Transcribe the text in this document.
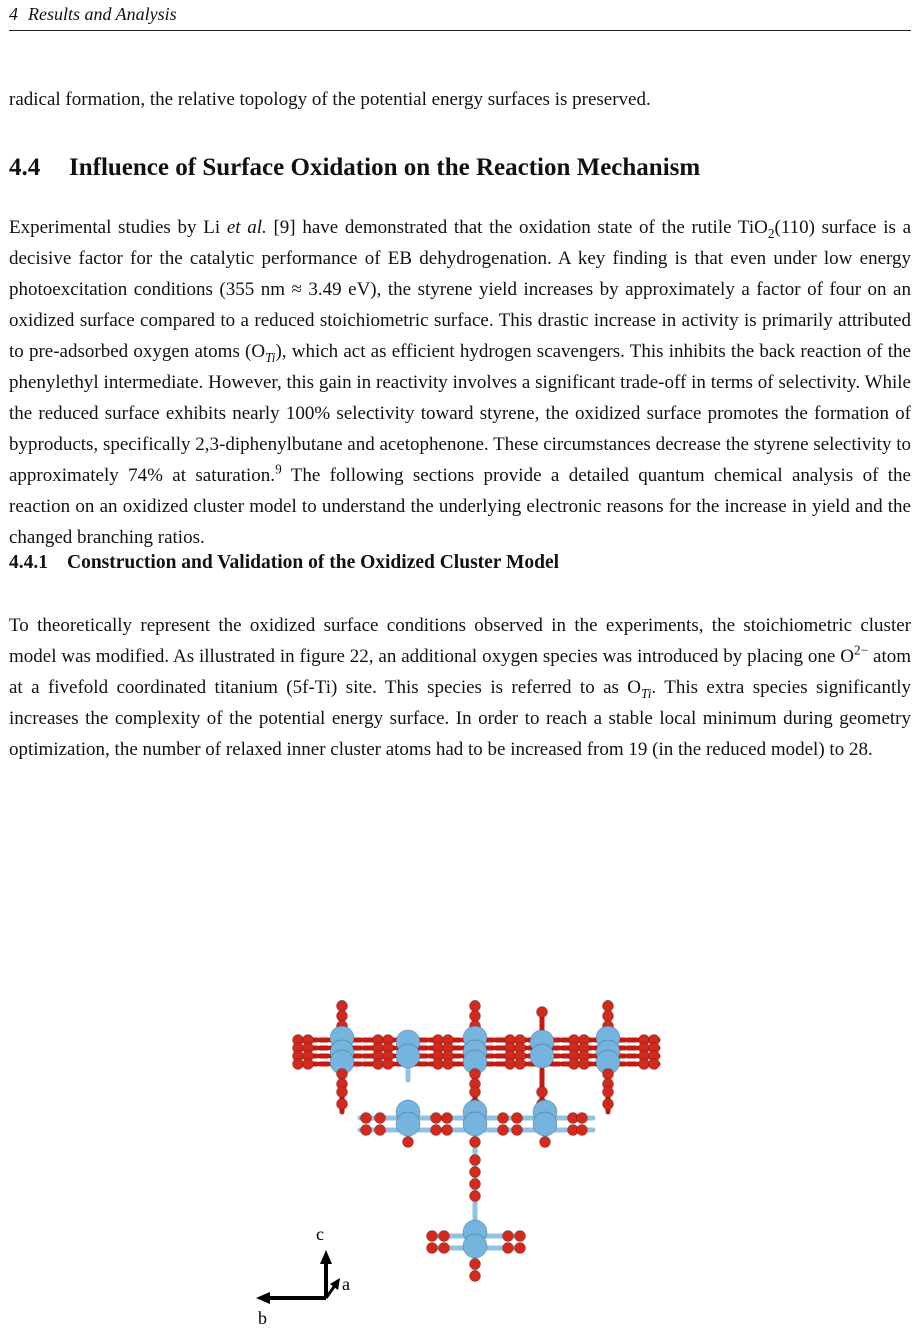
4 Results and Analysis

radical formation, the relative topology of the potential energy surfaces is preserved.

4.4 Influence of Surface Oxidation on the Reaction Mechanism

Experimental studies by Li et al. [9] have demonstrated that the oxidation state of the rutile TiO$_2$(110) surface is a decisive factor for the catalytic performance of EB dehydrogenation. A key finding is that even under low energy photoexcitation conditions (355 nm ≈ 3.49 eV), the styrene yield increases by approximately a factor of four on an oxidized surface compared to a reduced stoichiometric surface. This drastic increase in activity is primarily attributed to pre-adsorbed oxygen atoms $(O_{Ti})$, which act as efficient hydrogen scavengers. This inhibits the back reaction of the phenylethyl intermediate. However, this gain in reactivity involves a significant trade-off in terms of selectivity. While the reduced surface exhibits nearly 100% selectivity toward styrene, the oxidized surface promotes the formation of byproducts, specifically 2,3-diphenylbutane and acetophenone. These circumstances decrease the styrene selectivity to approximately 74% at saturation.$^9$ The following sections provide a detailed quantum chemical analysis of the reaction on an oxidized cluster model to understand the underlying electronic reasons for the increase in yield and the changed branching ratios.

4.4.1 Construction and Validation of the Oxidized Cluster Model

To theoretically represent the oxidized surface conditions observed in the experiments, the stoichiometric cluster model was modified. As illustrated in figure 22, an additional oxygen species was introduced by placing one $O^{2-}$ atom at a fivefold coordinated titanium (5f-Ti) site. This species is referred to as $O_{Ti}$. This extra species significantly increases the complexity of the potential energy surface. In order to reach a stable local minimum during geometry optimization, the number of relaxed inner cluster atoms had to be increased from 19 (in the reduced model) to 28.

c
a
b
